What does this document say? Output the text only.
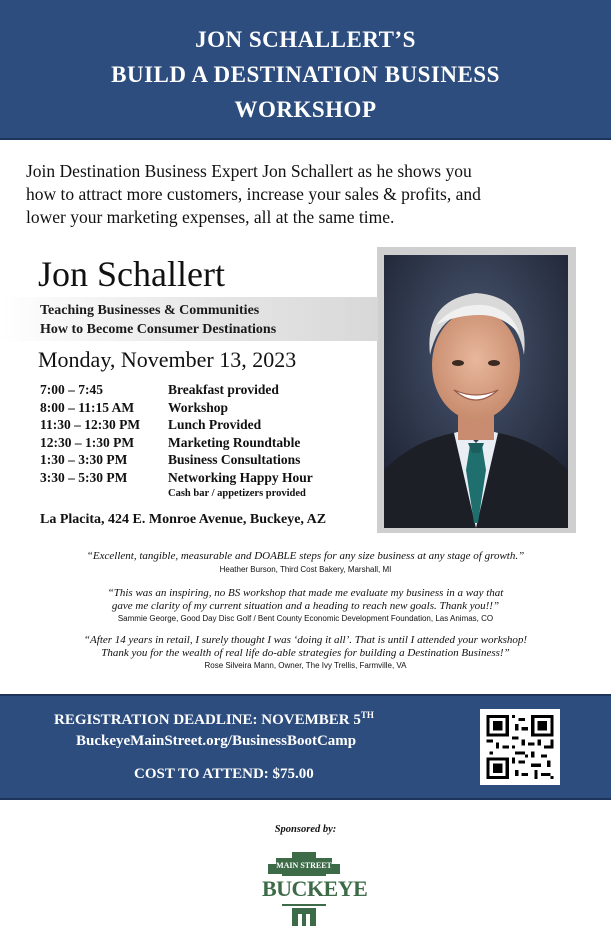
JON SCHALLERT’S
BUILD A DESTINATION BUSINESS
WORKSHOP
Join Destination Business Expert Jon Schallert as he shows you
how to attract more customers, increase your sales & profits, and
lower your marketing expenses, all at the same time.
Jon Schallert
Teaching Businesses & Communities
How to Become Consumer Destinations
Monday, November 13, 2023
7:00 – 7:45	Breakfast provided
8:00 – 11:15 AM	Workshop
11:30 – 12:30 PM Lunch Provided
12:30 – 1:30 PM	Marketing Roundtable
1:30 – 3:30 PM	Business Consultations
3:30 – 5:30 PM	Networking Happy Hour
Cash bar / appetizers provided
La Placita, 424 E. Monroe Avenue, Buckeye, AZ
“Excellent, tangible, measurable and DOABLE steps for any size business at any stage of growth.”
Heather Burson, Third Cost Bakery, Marshall, MI
“This was an inspiring, no BS workshop that made me evaluate my business in a way that
gave me clarity of my current situation and a heading to reach new goals. Thank you!!”
Sammie George, Good Day Disc Golf / Bent County Economic Development Foundation, Las Animas, CO
“After 14 years in retail, I surely thought I was ‘doing it all’. That is until I attended your workshop!
Thank you for the wealth of real life do-able strategies for building a Destination Business!”
Rose Silveira Mann, Owner, The Ivy Trellis, Farmville, VA
REGISTRATION DEADLINE: NOVEMBER 5TH
BuckeyeMainStreet.org/BusinessBootCamp
COST TO ATTEND: $75.00
Sponsored by:
MAIN STREET
BUCKEYE
